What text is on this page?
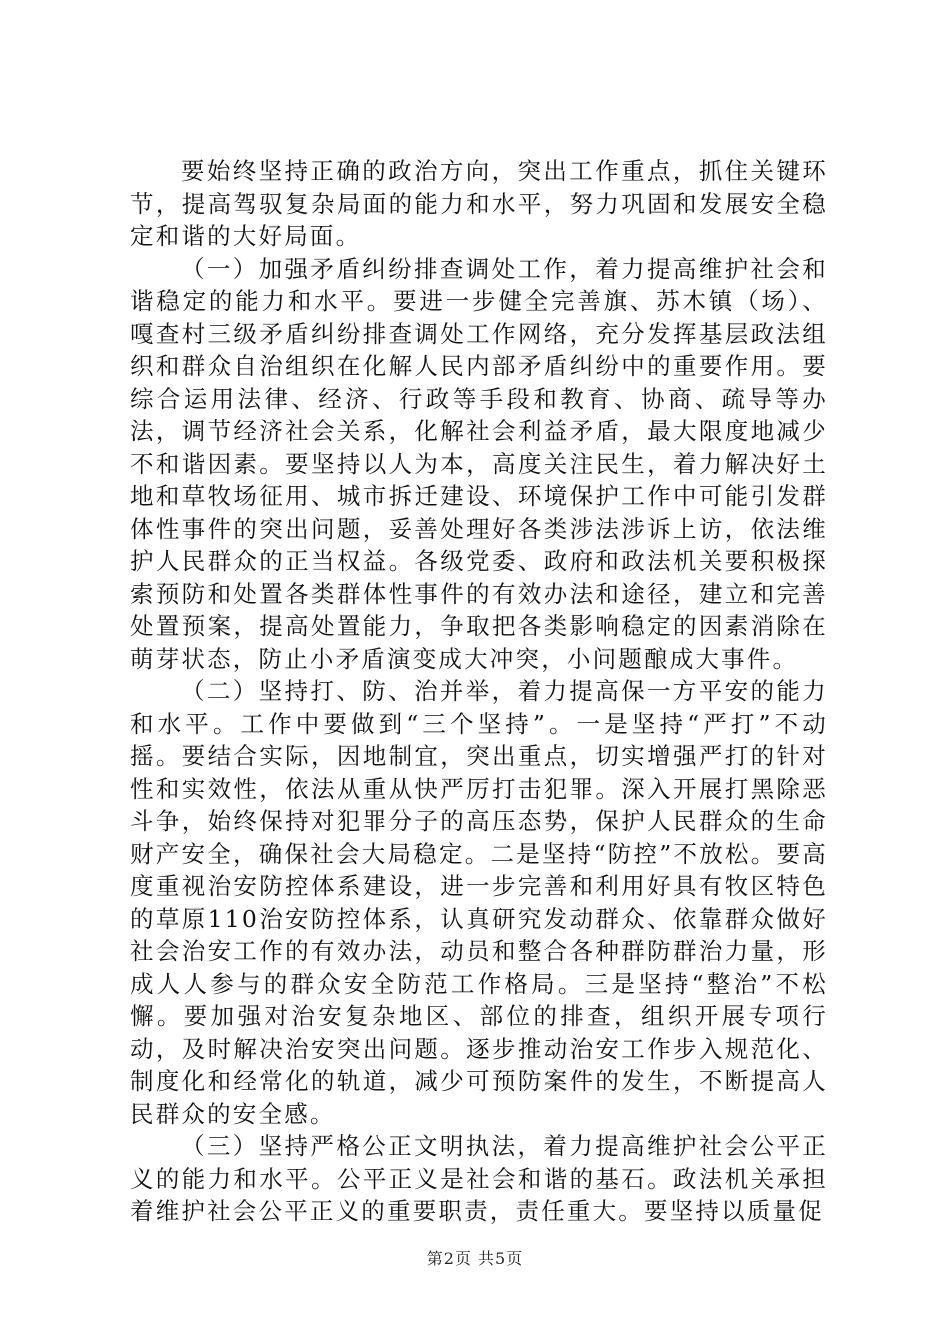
要始终坚持正确的政治方向，突出工作重点，抓住关键环节，提高驾驭复杂局面的能力和水平，努力巩固和发展安全稳定和谐的大好局面。

（一）加强矛盾纠纷排查调处工作，着力提高维护社会和谐稳定的能力和水平。要进一步健全完善旗、苏木镇（场）、嘎查村三级矛盾纠纷排查调处工作网络，充分发挥基层政法组织和群众自治组织在化解人民内部矛盾纠纷中的重要作用。要综合运用法律、经济、行政等手段和教育、协商、疏导等办法，调节经济社会关系，化解社会利益矛盾，最大限度地减少不和谐因素。要坚持以人为本，高度关注民生，着力解决好土地和草牧场征用、城市拆迁建设、环境保护工作中可能引发群体性事件的突出问题，妥善处理好各类涉法涉诉上访，依法维护人民群众的正当权益。各级党委、政府和政法机关要积极探索预防和处置各类群体性事件的有效办法和途径，建立和完善处置预案，提高处置能力，争取把各类影响稳定的因素消除在萌芽状态，防止小矛盾演变成大冲突，小问题酿成大事件。

（二）坚持打、防、治并举，着力提高保一方平安的能力和水平。工作中要做到“三个坚持”。一是坚持“严打”不动摇。要结合实际，因地制宜，突出重点，切实增强严打的针对性和实效性，依法从重从快严厉打击犯罪。深入开展打黑除恶斗争，始终保持对犯罪分子的高压态势，保护人民群众的生命财产安全，确保社会大局稳定。二是坚持“防控”不放松。要高度重视治安防控体系建设，进一步完善和利用好具有牧区特色的草原110治安防控体系，认真研究发动群众、依靠群众做好社会治安工作的有效办法，动员和整合各种群防群治力量，形成人人参与的群众安全防范工作格局。三是坚持“整治”不松懈。要加强对治安复杂地区、部位的排查，组织开展专项行动，及时解决治安突出问题。逐步推动治安工作步入规范化、制度化和经常化的轨道，减少可预防案件的发生，不断提高人民群众的安全感。

（三）坚持严格公正文明执法，着力提高维护社会公平正义的能力和水平。公平正义是社会和谐的基石。政法机关承担着维护社会公平正义的重要职责，责任重大。要坚持以质量促

第2页 共5页
